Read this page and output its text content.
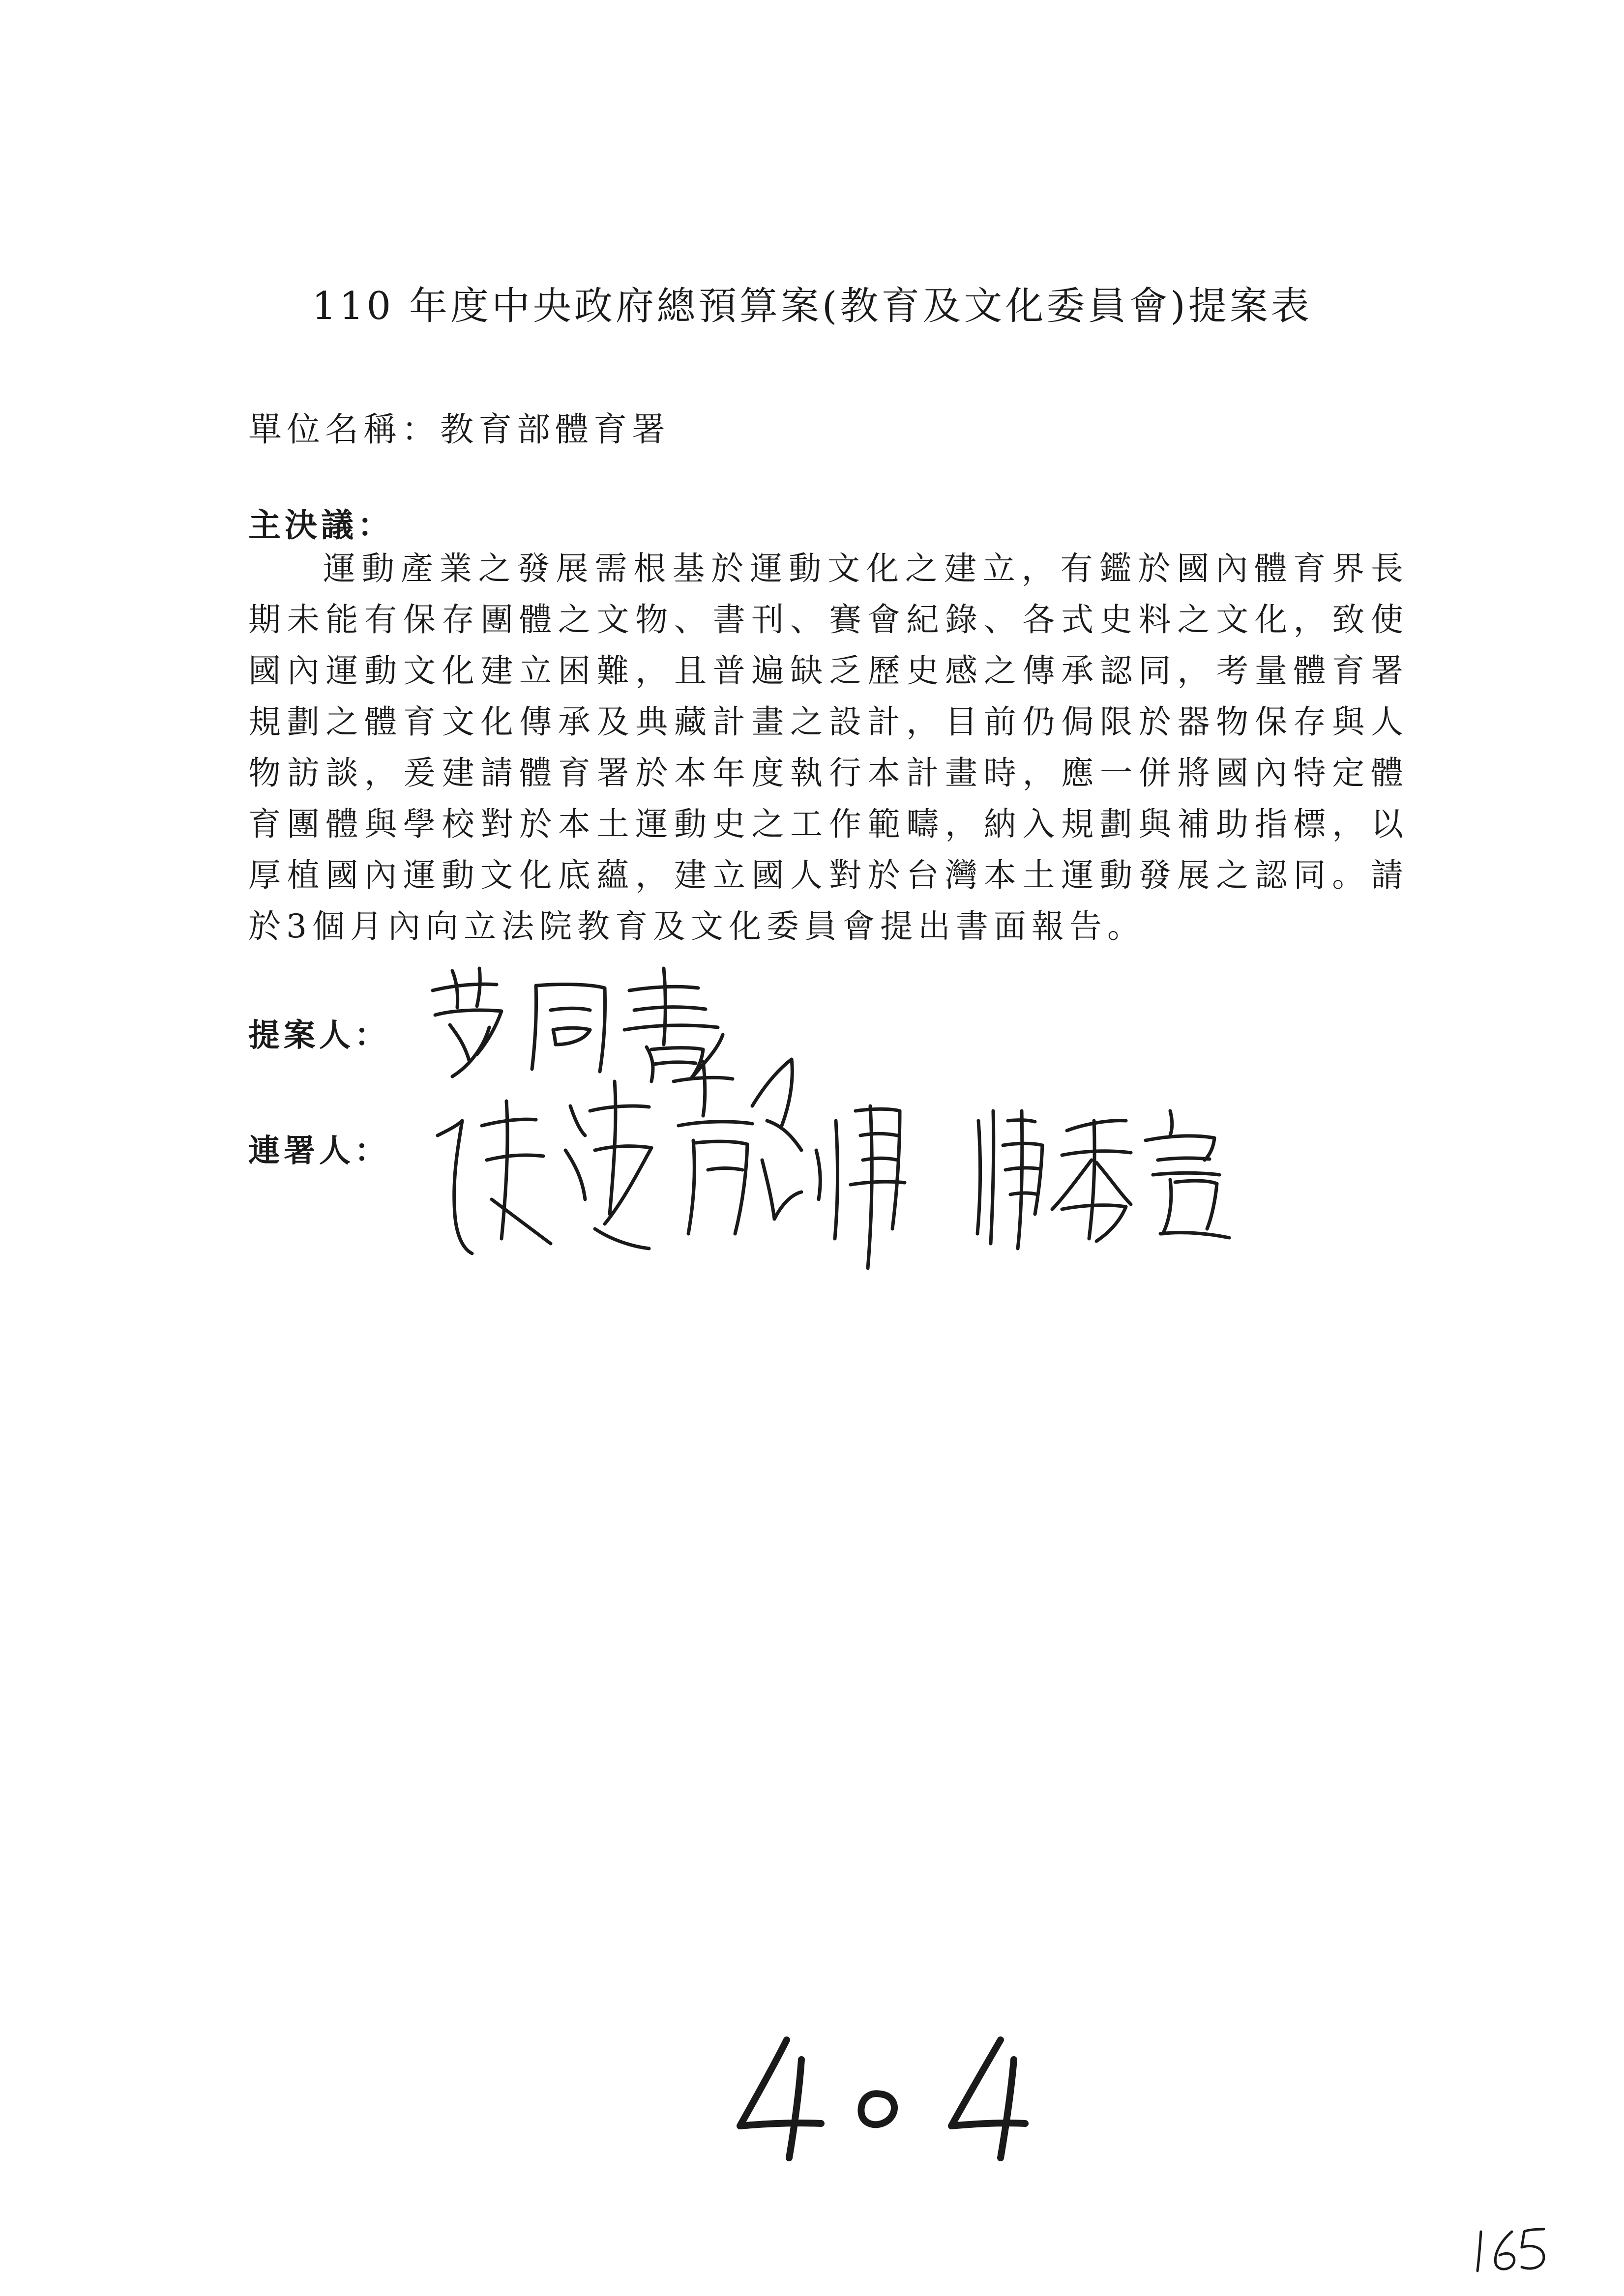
110 年度中央政府總預算案(教育及文化委員會)提案表
單位名稱：教育部體育署
主決議：
運動產業之發展需根基於運動文化之建立，有鑑於國內體育界長期未能有保存團體之文物、書刊、賽會紀錄、各式史料之文化，致使國內運動文化建立困難，且普遍缺乏歷史感之傳承認同，考量體育署規劃之體育文化傳承及典藏計畫之設計，目前仍侷限於器物保存與人物訪談，爰建請體育署於本年度執行本計畫時，應一併將國內特定體育團體與學校對於本土運動史之工作範疇，納入規劃與補助指標，以厚植國內運動文化底蘊，建立國人對於台灣本土運動發展之認同。請於3個月內向立法院教育及文化委員會提出書面報告。
提案人：
連署人：
